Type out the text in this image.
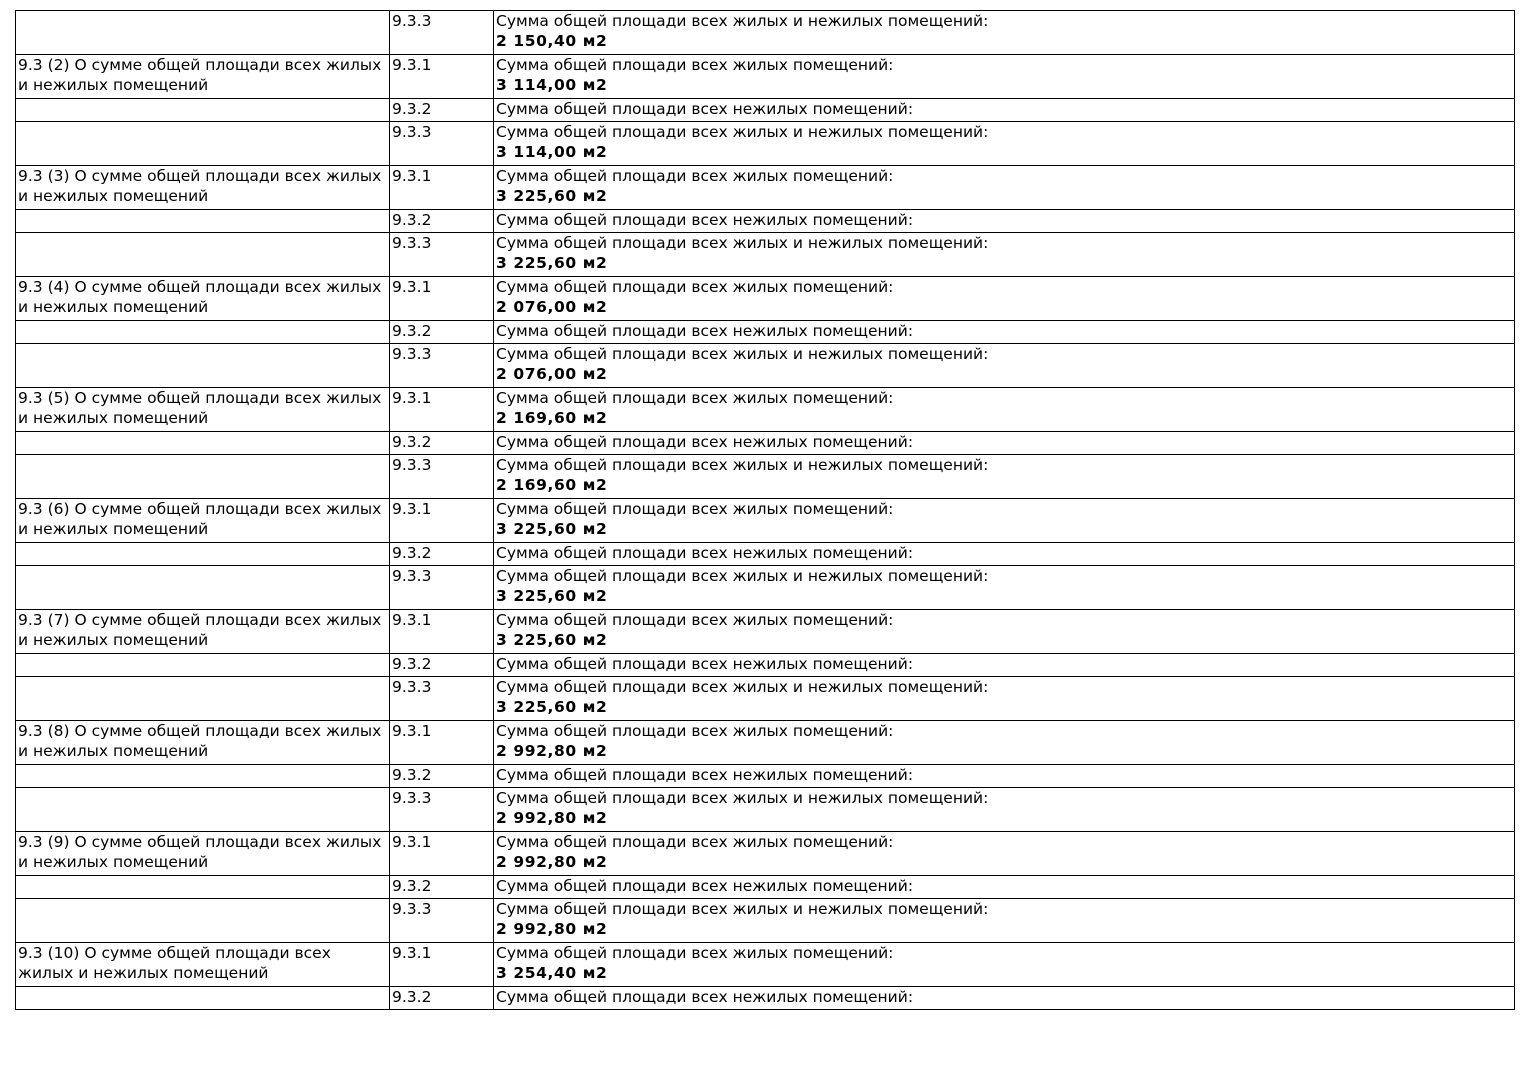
	9.3.3	Сумма общей площади всех жилых и нежилых помещений:
2 150,40 м2

9.3 (2) О сумме общей площади всех жилых и нежилых помещений	9.3.1	Сумма общей площади всех жилых помещений:
3 114,00 м2

	9.3.2	Сумма общей площади всех нежилых помещений:

	9.3.3	Сумма общей площади всех жилых и нежилых помещений:
3 114,00 м2

9.3 (3) О сумме общей площади всех жилых и нежилых помещений	9.3.1	Сумма общей площади всех жилых помещений:
3 225,60 м2

	9.3.2	Сумма общей площади всех нежилых помещений:

	9.3.3	Сумма общей площади всех жилых и нежилых помещений:
3 225,60 м2

9.3 (4) О сумме общей площади всех жилых и нежилых помещений	9.3.1	Сумма общей площади всех жилых помещений:
2 076,00 м2

	9.3.2	Сумма общей площади всех нежилых помещений:

	9.3.3	Сумма общей площади всех жилых и нежилых помещений:
2 076,00 м2

9.3 (5) О сумме общей площади всех жилых и нежилых помещений	9.3.1	Сумма общей площади всех жилых помещений:
2 169,60 м2

	9.3.2	Сумма общей площади всех нежилых помещений:

	9.3.3	Сумма общей площади всех жилых и нежилых помещений:
2 169,60 м2

9.3 (6) О сумме общей площади всех жилых и нежилых помещений	9.3.1	Сумма общей площади всех жилых помещений:
3 225,60 м2

	9.3.2	Сумма общей площади всех нежилых помещений:

	9.3.3	Сумма общей площади всех жилых и нежилых помещений:
3 225,60 м2

9.3 (7) О сумме общей площади всех жилых и нежилых помещений	9.3.1	Сумма общей площади всех жилых помещений:
3 225,60 м2

	9.3.2	Сумма общей площади всех нежилых помещений:

	9.3.3	Сумма общей площади всех жилых и нежилых помещений:
3 225,60 м2

9.3 (8) О сумме общей площади всех жилых и нежилых помещений	9.3.1	Сумма общей площади всех жилых помещений:
2 992,80 м2

	9.3.2	Сумма общей площади всех нежилых помещений:

	9.3.3	Сумма общей площади всех жилых и нежилых помещений:
2 992,80 м2

9.3 (9) О сумме общей площади всех жилых и нежилых помещений	9.3.1	Сумма общей площади всех жилых помещений:
2 992,80 м2

	9.3.2	Сумма общей площади всех нежилых помещений:

	9.3.3	Сумма общей площади всех жилых и нежилых помещений:
2 992,80 м2

9.3 (10) О сумме общей площади всех жилых и нежилых помещений	9.3.1	Сумма общей площади всех жилых помещений:
3 254,40 м2

	9.3.2	Сумма общей площади всех нежилых помещений:
